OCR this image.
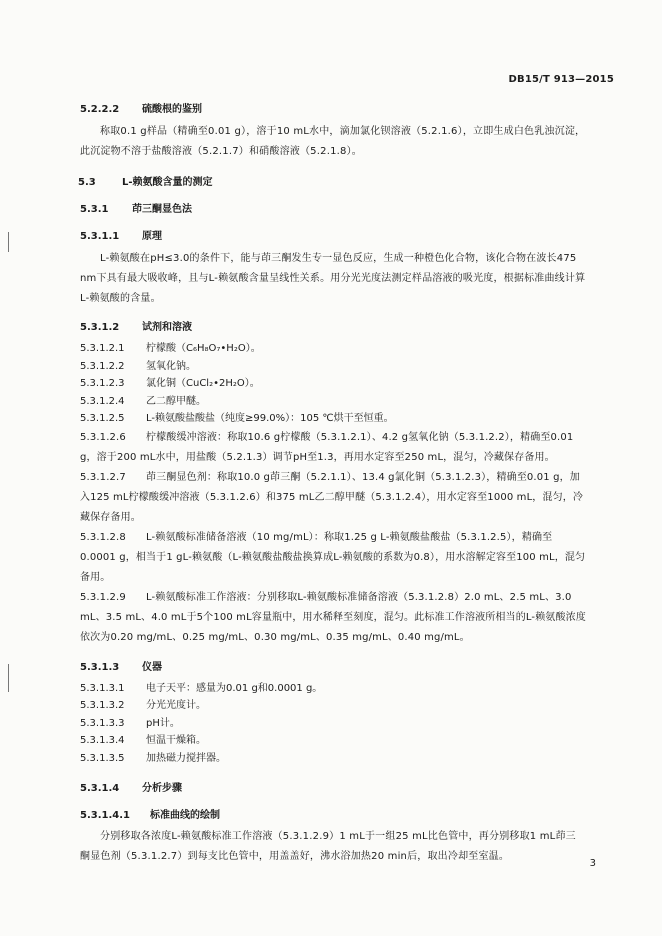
DB15/T 913—2015
5.2.2.2 硫酸根的鉴别

称取0.1 g样品（精确至0.01 g），溶于10 mL水中，滴加氯化钡溶液（5.2.1.6），立即生成白色乳浊沉淀，此沉淀物不溶于盐酸溶液（5.2.1.7）和硝酸溶液（5.2.1.8）。

5.3	L-赖氨酸含量的测定
5.3.1 茚三酮显色法
5.3.1.1 原理

L-赖氨酸在pH≤3.0的条件下，能与茚三酮发生专一显色反应，生成一种橙色化合物，该化合物在波长475 nm下具有最大吸收峰，且与L-赖氨酸含量呈线性关系。用分光光度法测定样品溶液的吸光度，根据标准曲线计算L-赖氨酸的含量。

5.3.1.2 试剂和溶液

5.3.1.2.1 柠檬酸（C₆H₈O₇•H₂O）。

5.3.1.2.2 氢氧化钠。

5.3.1.2.3 氯化铜（CuCl₂•2H₂O）。

5.3.1.2.4 乙二醇甲醚。

5.3.1.2.5 L-赖氨酸盐酸盐（纯度≥99.0%）：105 ℃烘干至恒重。

5.3.1.2.6 柠檬酸缓冲溶液：称取10.6 g柠檬酸（5.3.1.2.1）、4.2 g氢氧化钠（5.3.1.2.2），精确至0.01 g，溶于200 mL水中，用盐酸（5.2.1.3）调节pH至1.3，再用水定容至250 mL，混匀，冷藏保存备用。

5.3.1.2.7 茚三酮显色剂：称取10.0 g茚三酮（5.2.1.1）、13.4 g氯化铜（5.3.1.2.3），精确至0.01 g，加入125 mL柠檬酸缓冲溶液（5.3.1.2.6）和375 mL乙二醇甲醚（5.3.1.2.4），用水定容至1000 mL，混匀，冷藏保存备用。

5.3.1.2.8 L-赖氨酸标准储备溶液（10 mg/mL）：称取1.25 g L-赖氨酸盐酸盐（5.3.1.2.5），精确至0.0001 g，相当于1 gL-赖氨酸（L-赖氨酸盐酸盐换算成L-赖氨酸的系数为0.8），用水溶解定容至100 mL，混匀备用。

5.3.1.2.9 L-赖氨酸标准工作溶液：分别移取L-赖氨酸标准储备溶液（5.3.1.2.8）2.0 mL、2.5 mL、3.0 mL、3.5 mL、4.0 mL于5个100 mL容量瓶中，用水稀释至刻度，混匀。此标准工作溶液所相当的L-赖氨酸浓度依次为0.20 mg/mL、0.25 mg/mL、0.30 mg/mL、0.35 mg/mL、0.40 mg/mL。

5.3.1.3 仪器

5.3.1.3.1 电子天平：感量为0.01 g和0.0001 g。

5.3.1.3.2 分光光度计。

5.3.1.3.3 pH计。

5.3.1.3.4 恒温干燥箱。

5.3.1.3.5 加热磁力搅拌器。

5.3.1.4 分析步骤
5.3.1.4.1 标准曲线的绘制

分别移取各浓度L-赖氨酸标准工作溶液（5.3.1.2.9）1 mL于一组25 mL比色管中，再分别移取1 mL茚三酮显色剂（5.3.1.2.7）到每支比色管中，用盖盖好，沸水浴加热20 min后，取出冷却至室温。

3
